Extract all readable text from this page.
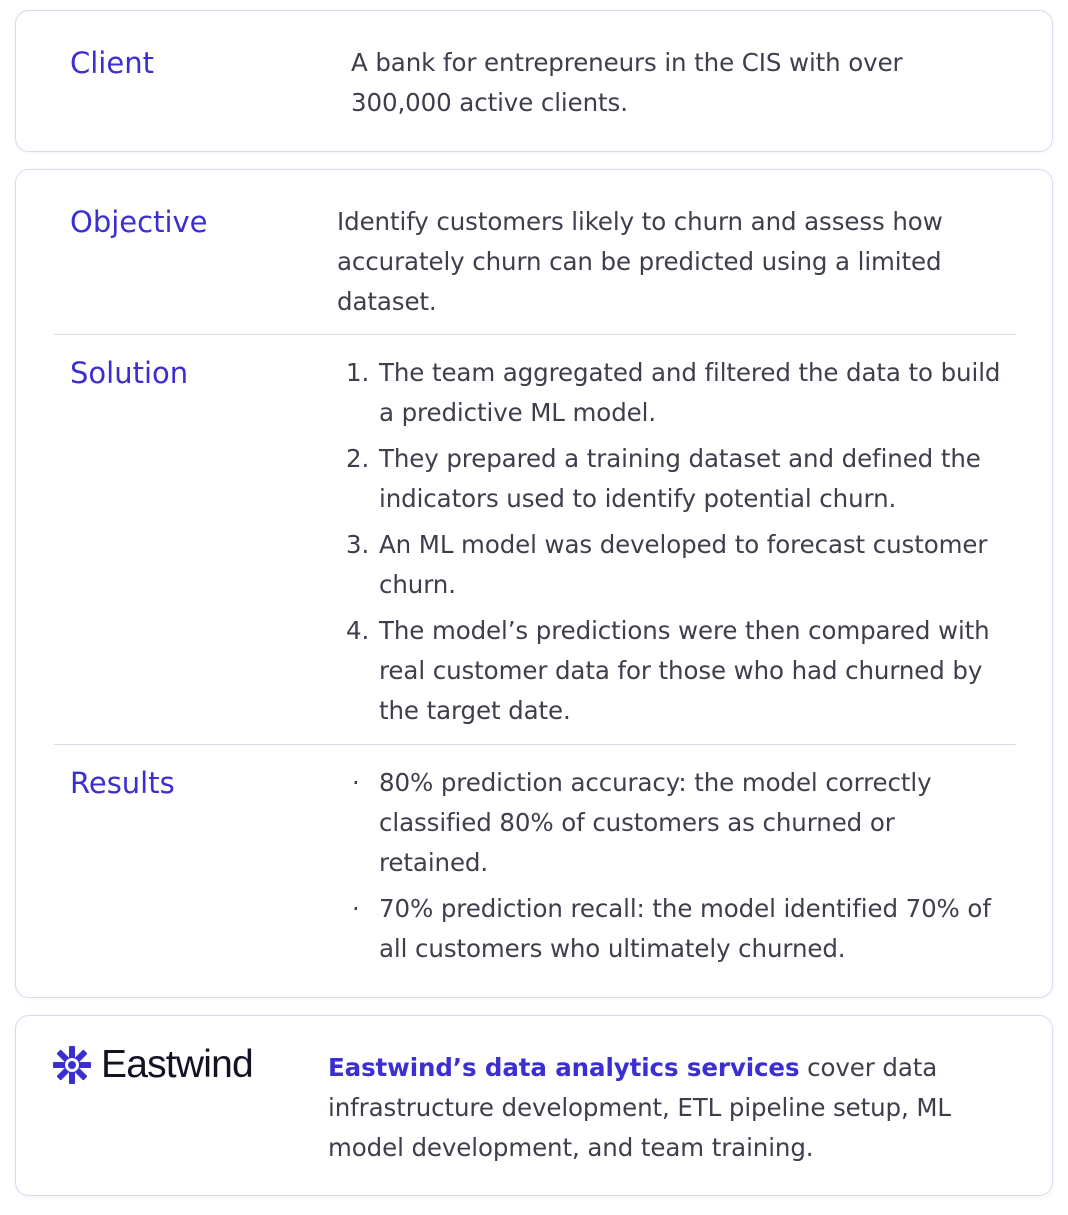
Client	A bank for entrepreneurs in the CIS with over 300,000 active clients.

Objective	Identify customers likely to churn and assess how accurately churn can be predicted using a limited dataset.

Solution	1. The team aggregated and filtered the data to build a predictive ML model.
2. They prepared a training dataset and defined the indicators used to identify potential churn.
3. An ML model was developed to forecast customer churn.
4. The model’s predictions were then compared with real customer data for those who had churned by the target date.
Results	· 80% prediction accuracy: the model correctly classified 80% of customers as churned or retained.
· 70% prediction recall: the model identified 70% of all customers who ultimately churned.
Eastwind	Eastwind’s data analytics services cover data infrastructure development, ETL pipeline setup, ML model development, and team training.
